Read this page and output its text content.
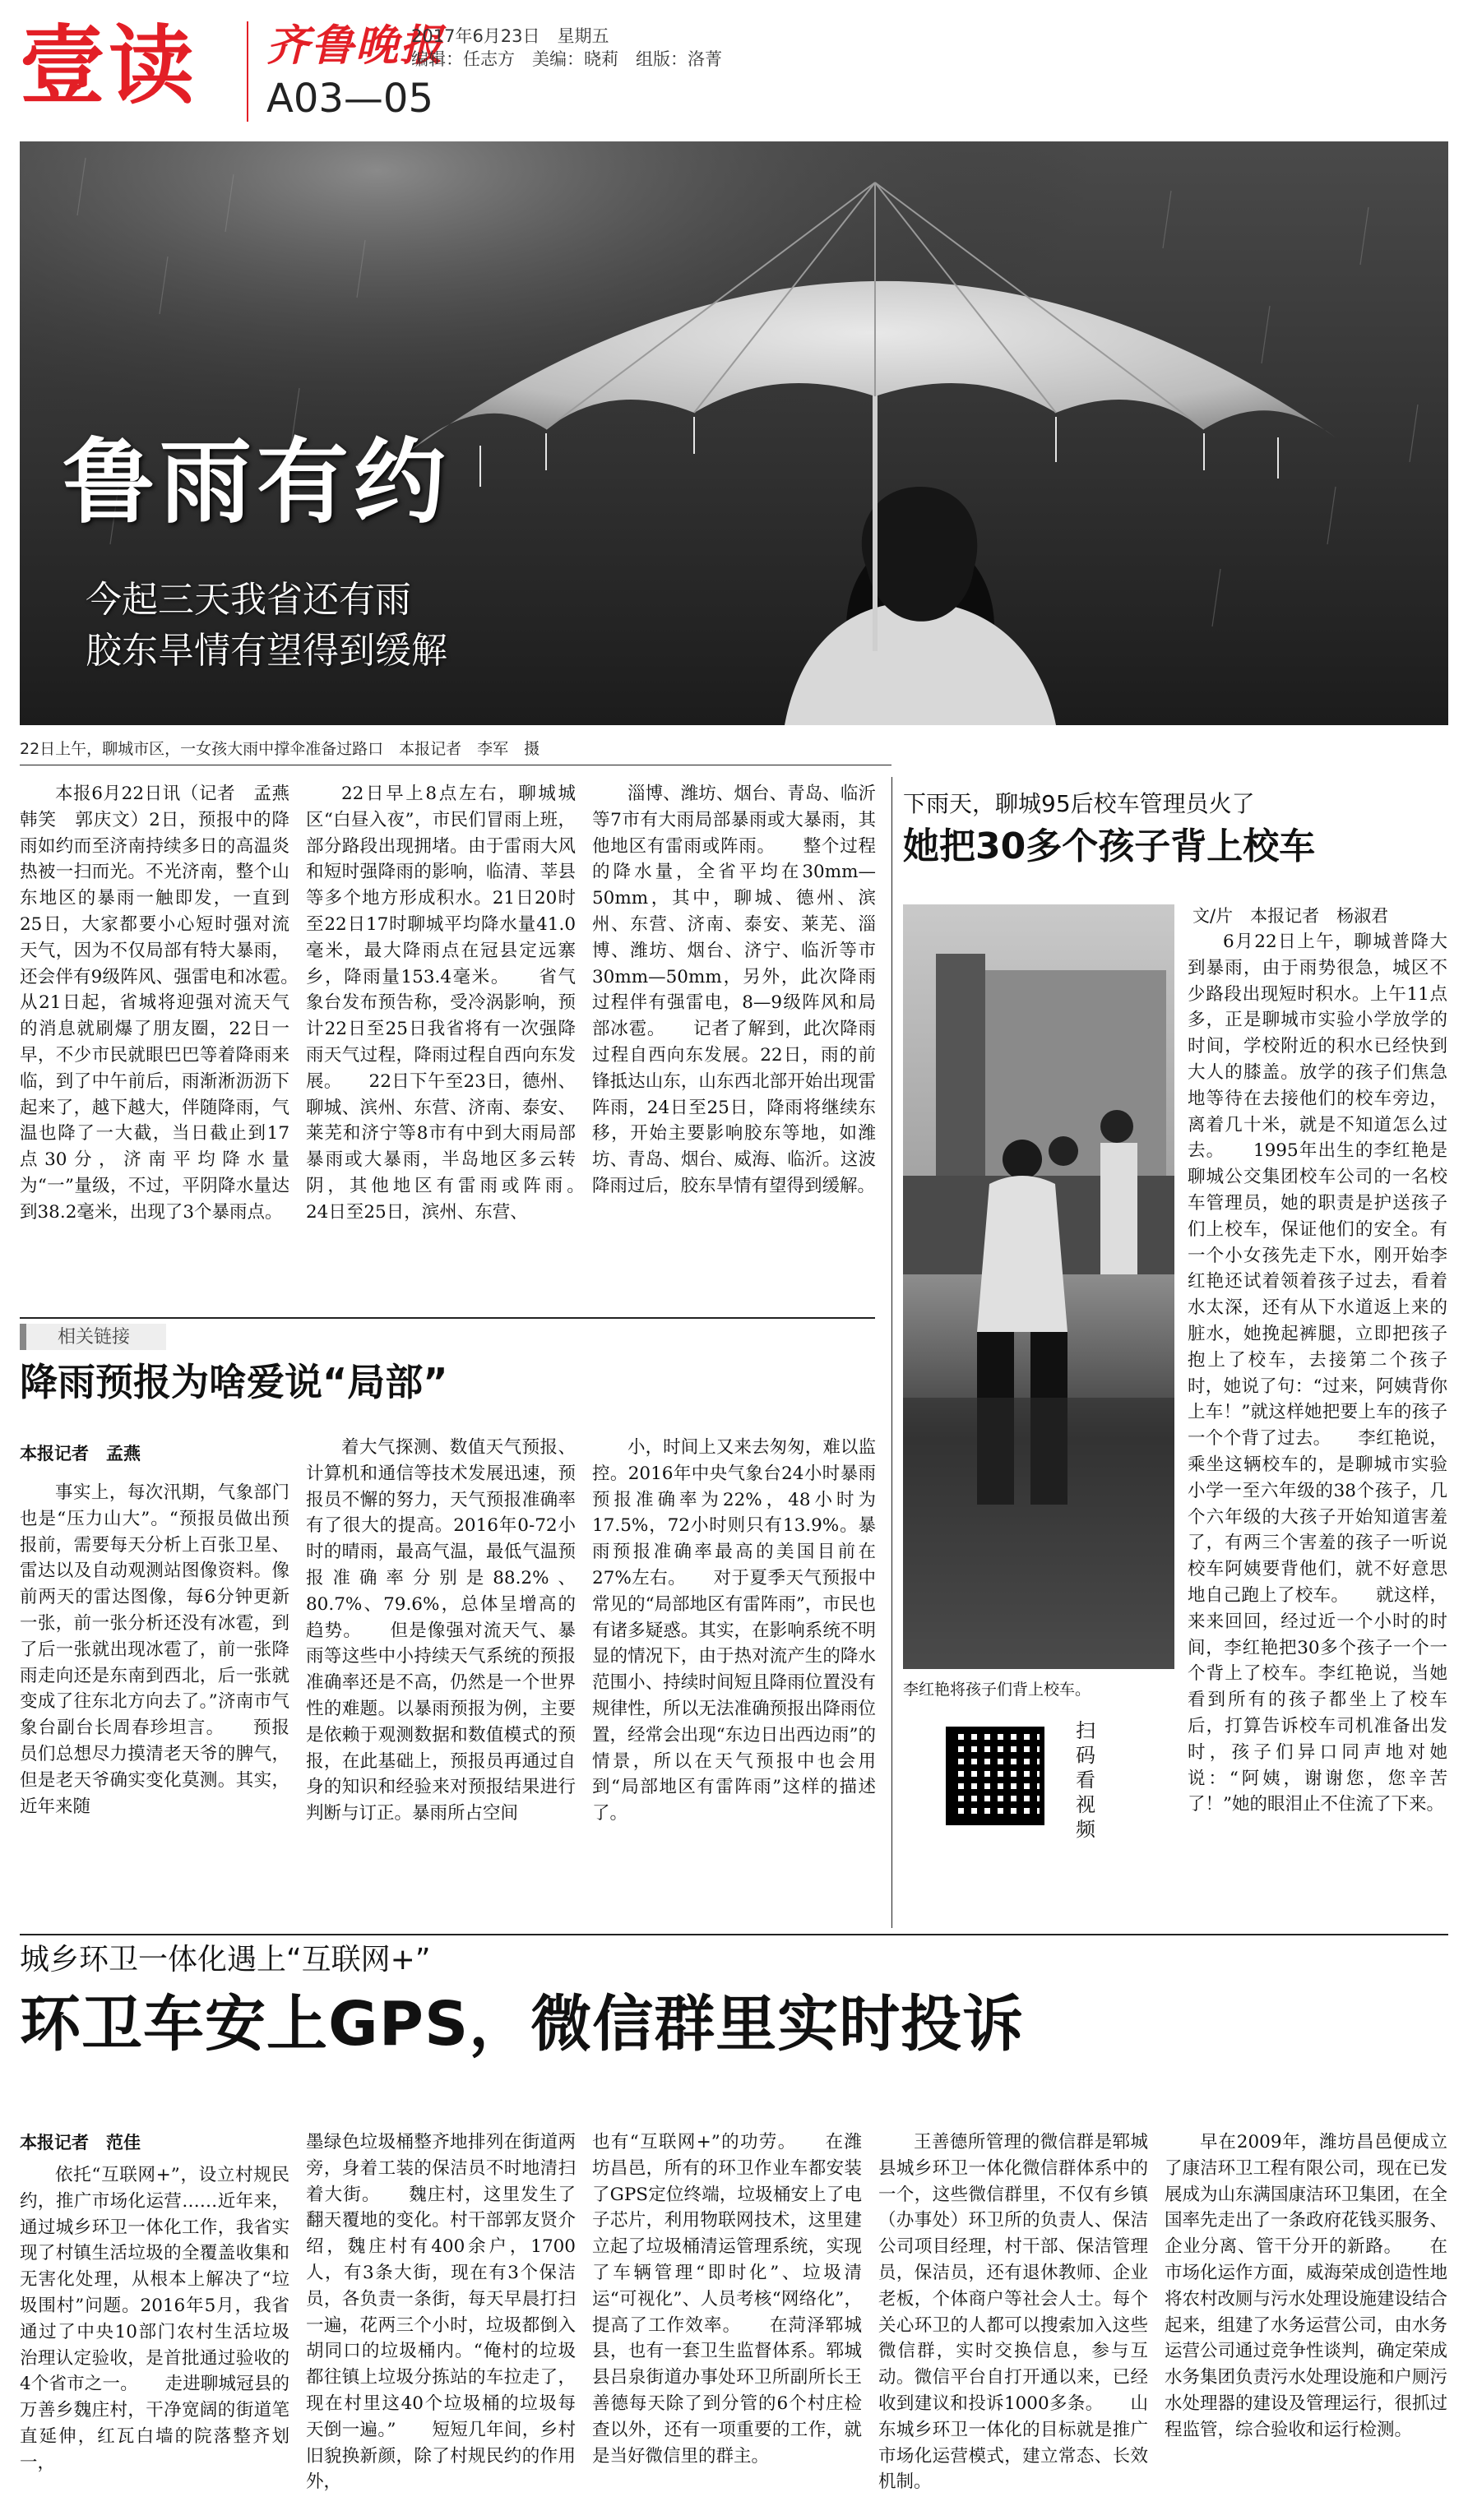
壹读 齐鲁晚报
2017年6月23日　星期五
编辑：任志方　美编：晓莉　组版：洛菁
A03—05
鲁雨有约
今起三天我省还有雨
胶东旱情有望得到缓解
22日上午，聊城市区，一女孩大雨中撑伞准备过路口　本报记者　李军　摄
本报6月22日讯（记者　孟燕　韩笑　郭庆文）2日，预报中的降雨如约而至济南持续多日的高温炎热被一扫而光。不光济南，整个山东地区的暴雨一触即发，一直到25日，大家都要小心短时强对流天气，因为不仅局部有特大暴雨，还会伴有9级阵风、强雷电和冰雹。　　从21日起，省城将迎强对流天气的消息就刷爆了朋友圈，22日一早，不少市民就眼巴巴等着降雨来临，到了中午前后，雨渐淅沥沥下起来了，越下越大，伴随降雨，气温也降了一大截，当日截止到17点30分，济南平均降水量为“一”量级，不过，平阴降水量达到38.2毫米，出现了3个暴雨点。
22日早上8点左右，聊城城区“白昼入夜”，市民们冒雨上班，部分路段出现拥堵。由于雷雨大风和短时强降雨的影响，临清、莘县等多个地方形成积水。21日20时至22日17时聊城平均降水量41.0毫米，最大降雨点在冠县定远寨乡，降雨量153.4毫米。　　省气象台发布预告称，受冷涡影响，预计22日至25日我省将有一次强降雨天气过程，降雨过程自西向东发展。　　22日下午至23日，德州、聊城、滨州、东营、济南、泰安、莱芜和济宁等8市有中到大雨局部暴雨或大暴雨，半岛地区多云转阴，其他地区有雷雨或阵雨。　　24日至25日，滨州、东营、
淄博、潍坊、烟台、青岛、临沂等7市有大雨局部暴雨或大暴雨，其他地区有雷雨或阵雨。　　整个过程的降水量，全省平均在30mm—50mm，其中，聊城、德州、滨州、东营、济南、泰安、莱芜、淄博、潍坊、烟台、济宁、临沂等市30mm—50mm，另外，此次降雨过程伴有强雷电，8—9级阵风和局部冰雹。　　记者了解到，此次降雨过程自西向东发展。22日，雨的前锋抵达山东，山东西北部开始出现雷阵雨，24日至25日，降雨将继续东移，开始主要影响胶东等地，如潍坊、青岛、烟台、威海、临沂。这波降雨过后，胶东旱情有望得到缓解。
相关链接
降雨预报为啥爱说“局部”
本报记者　孟燕
事实上，每次汛期，气象部门也是“压力山大”。“预报员做出预报前，需要每天分析上百张卫星、雷达以及自动观测站图像资料。像前两天的雷达图像，每6分钟更新一张，前一张分析还没有冰雹，到了后一张就出现冰雹了，前一张降雨走向还是东南到西北，后一张就变成了往东北方向去了。”济南市气象台副台长周春珍坦言。　　预报员们总想尽力摸清老天爷的脾气，但是老天爷确实变化莫测。其实，近年来随
着大气探测、数值天气预报、计算机和通信等技术发展迅速，预报员不懈的努力，天气预报准确率有了很大的提高。2016年0-72小时的晴雨，最高气温，最低气温预报准确率分别是88.2%、80.7%、79.6%，总体呈增高的趋势。　　但是像强对流天气、暴雨等这些中小持续天气系统的预报准确率还是不高，仍然是一个世界性的难题。以暴雨预报为例，主要是依赖于观测数据和数值模式的预报，在此基础上，预报员再通过自身的知识和经验来对预报结果进行判断与订正。暴雨所占空间
小，时间上又来去匆匆，难以监控。2016年中央气象台24小时暴雨预报准确率为22%，48小时为17.5%，72小时则只有13.9%。暴雨预报准确率最高的美国目前在27%左右。　　对于夏季天气预报中常见的“局部地区有雷阵雨”，市民也有诸多疑惑。其实，在影响系统不明显的情况下，由于热对流产生的降水范围小、持续时间短且降雨位置没有规律性，所以无法准确预报出降雨位置，经常会出现“东边日出西边雨”的情景，所以在天气预报中也会用到“局部地区有雷阵雨”这样的描述了。
下雨天，聊城95后校车管理员火了
她把30多个孩子背上校车
文/片　本报记者　杨淑君
李红艳将孩子们背上校车。
扫码看视频
6月22日上午，聊城普降大到暴雨，由于雨势很急，城区不少路段出现短时积水。上午11点多，正是聊城市实验小学放学的时间，学校附近的积水已经快到大人的膝盖。放学的孩子们焦急地等待在去接他们的校车旁边，离着几十米，就是不知道怎么过去。　　1995年出生的李红艳是聊城公交集团校车公司的一名校车管理员，她的职责是护送孩子们上校车，保证他们的安全。有一个小女孩先走下水，刚开始李红艳还试着领着孩子过去，看着水太深，还有从下水道返上来的脏水，她挽起裤腿，立即把孩子抱上了校车，去接第二个孩子时，她说了句：“过来，阿姨背你上车！”就这样她把要上车的孩子一个个背了过去。　　李红艳说，乘坐这辆校车的，是聊城市实验小学一至六年级的38个孩子，几个六年级的大孩子开始知道害羞了，有两三个害羞的孩子一听说校车阿姨要背他们，就不好意思地自己跑上了校车。　　就这样，来来回回，经过近一个小时的时间，李红艳把30多个孩子一个一个背上了校车。李红艳说，当她看到所有的孩子都坐上了校车后，打算告诉校车司机准备出发时，孩子们异口同声地对她说：“阿姨，谢谢您，您辛苦了！”她的眼泪止不住流了下来。
城乡环卫一体化遇上“互联网+”
环卫车安上GPS，微信群里实时投诉
本报记者　范佳
依托“互联网+”，设立村规民约，推广市场化运营……近年来，通过城乡环卫一体化工作，我省实现了村镇生活垃圾的全覆盖收集和无害化处理，从根本上解决了“垃圾围村”问题。2016年5月，我省通过了中央10部门农村生活垃圾治理认定验收，是首批通过验收的4个省市之一。　　走进聊城冠县的万善乡魏庄村，干净宽阔的街道笔直延伸，红瓦白墙的院落整齐划一，
墨绿色垃圾桶整齐地排列在街道两旁，身着工装的保洁员不时地清扫着大街。　　魏庄村，这里发生了翻天覆地的变化。村干部郭友贤介绍，魏庄村有400余户，1700人，有3条大街，现在有3个保洁员，各负责一条街，每天早晨打扫一遍，花两三个小时，垃圾都倒入胡同口的垃圾桶内。“俺村的垃圾都往镇上垃圾分拣站的车拉走了，现在村里这40个垃圾桶的垃圾每天倒一遍。”　　短短几年间，乡村旧貌换新颜，除了村规民约的作用外，
也有“互联网+”的功劳。　　在潍坊昌邑，所有的环卫作业车都安装了GPS定位终端，垃圾桶安上了电子芯片，利用物联网技术，这里建立起了垃圾桶清运管理系统，实现了车辆管理“即时化”、垃圾清运“可视化”、人员考核“网络化”，提高了工作效率。　　在菏泽郓城县，也有一套卫生监督体系。郓城县吕泉街道办事处环卫所副所长王善德每天除了到分管的6个村庄检查以外，还有一项重要的工作，就是当好微信里的群主。
王善德所管理的微信群是郓城县城乡环卫一体化微信群体系中的一个，这些微信群里，不仅有乡镇（办事处）环卫所的负责人、保洁公司项目经理，村干部、保洁管理员，保洁员，还有退休教师、企业老板，个体商户等社会人士。每个关心环卫的人都可以搜索加入这些微信群，实时交换信息，参与互动。微信平台自打开通以来，已经收到建议和投诉1000多条。　　山东城乡环卫一体化的目标就是推广市场化运营模式，建立常态、长效机制。
早在2009年，潍坊昌邑便成立了康洁环卫工程有限公司，现在已发展成为山东满国康洁环卫集团，在全国率先走出了一条政府花钱买服务、企业分离、管干分开的新路。　　在市场化运作方面，威海荣成创造性地将农村改厕与污水处理设施建设结合起来，组建了水务运营公司，由水务运营公司通过竞争性谈判，确定荣成水务集团负责污水处理设施和户厕污水处理器的建设及管理运行，很抓过程监管，综合验收和运行检测。
